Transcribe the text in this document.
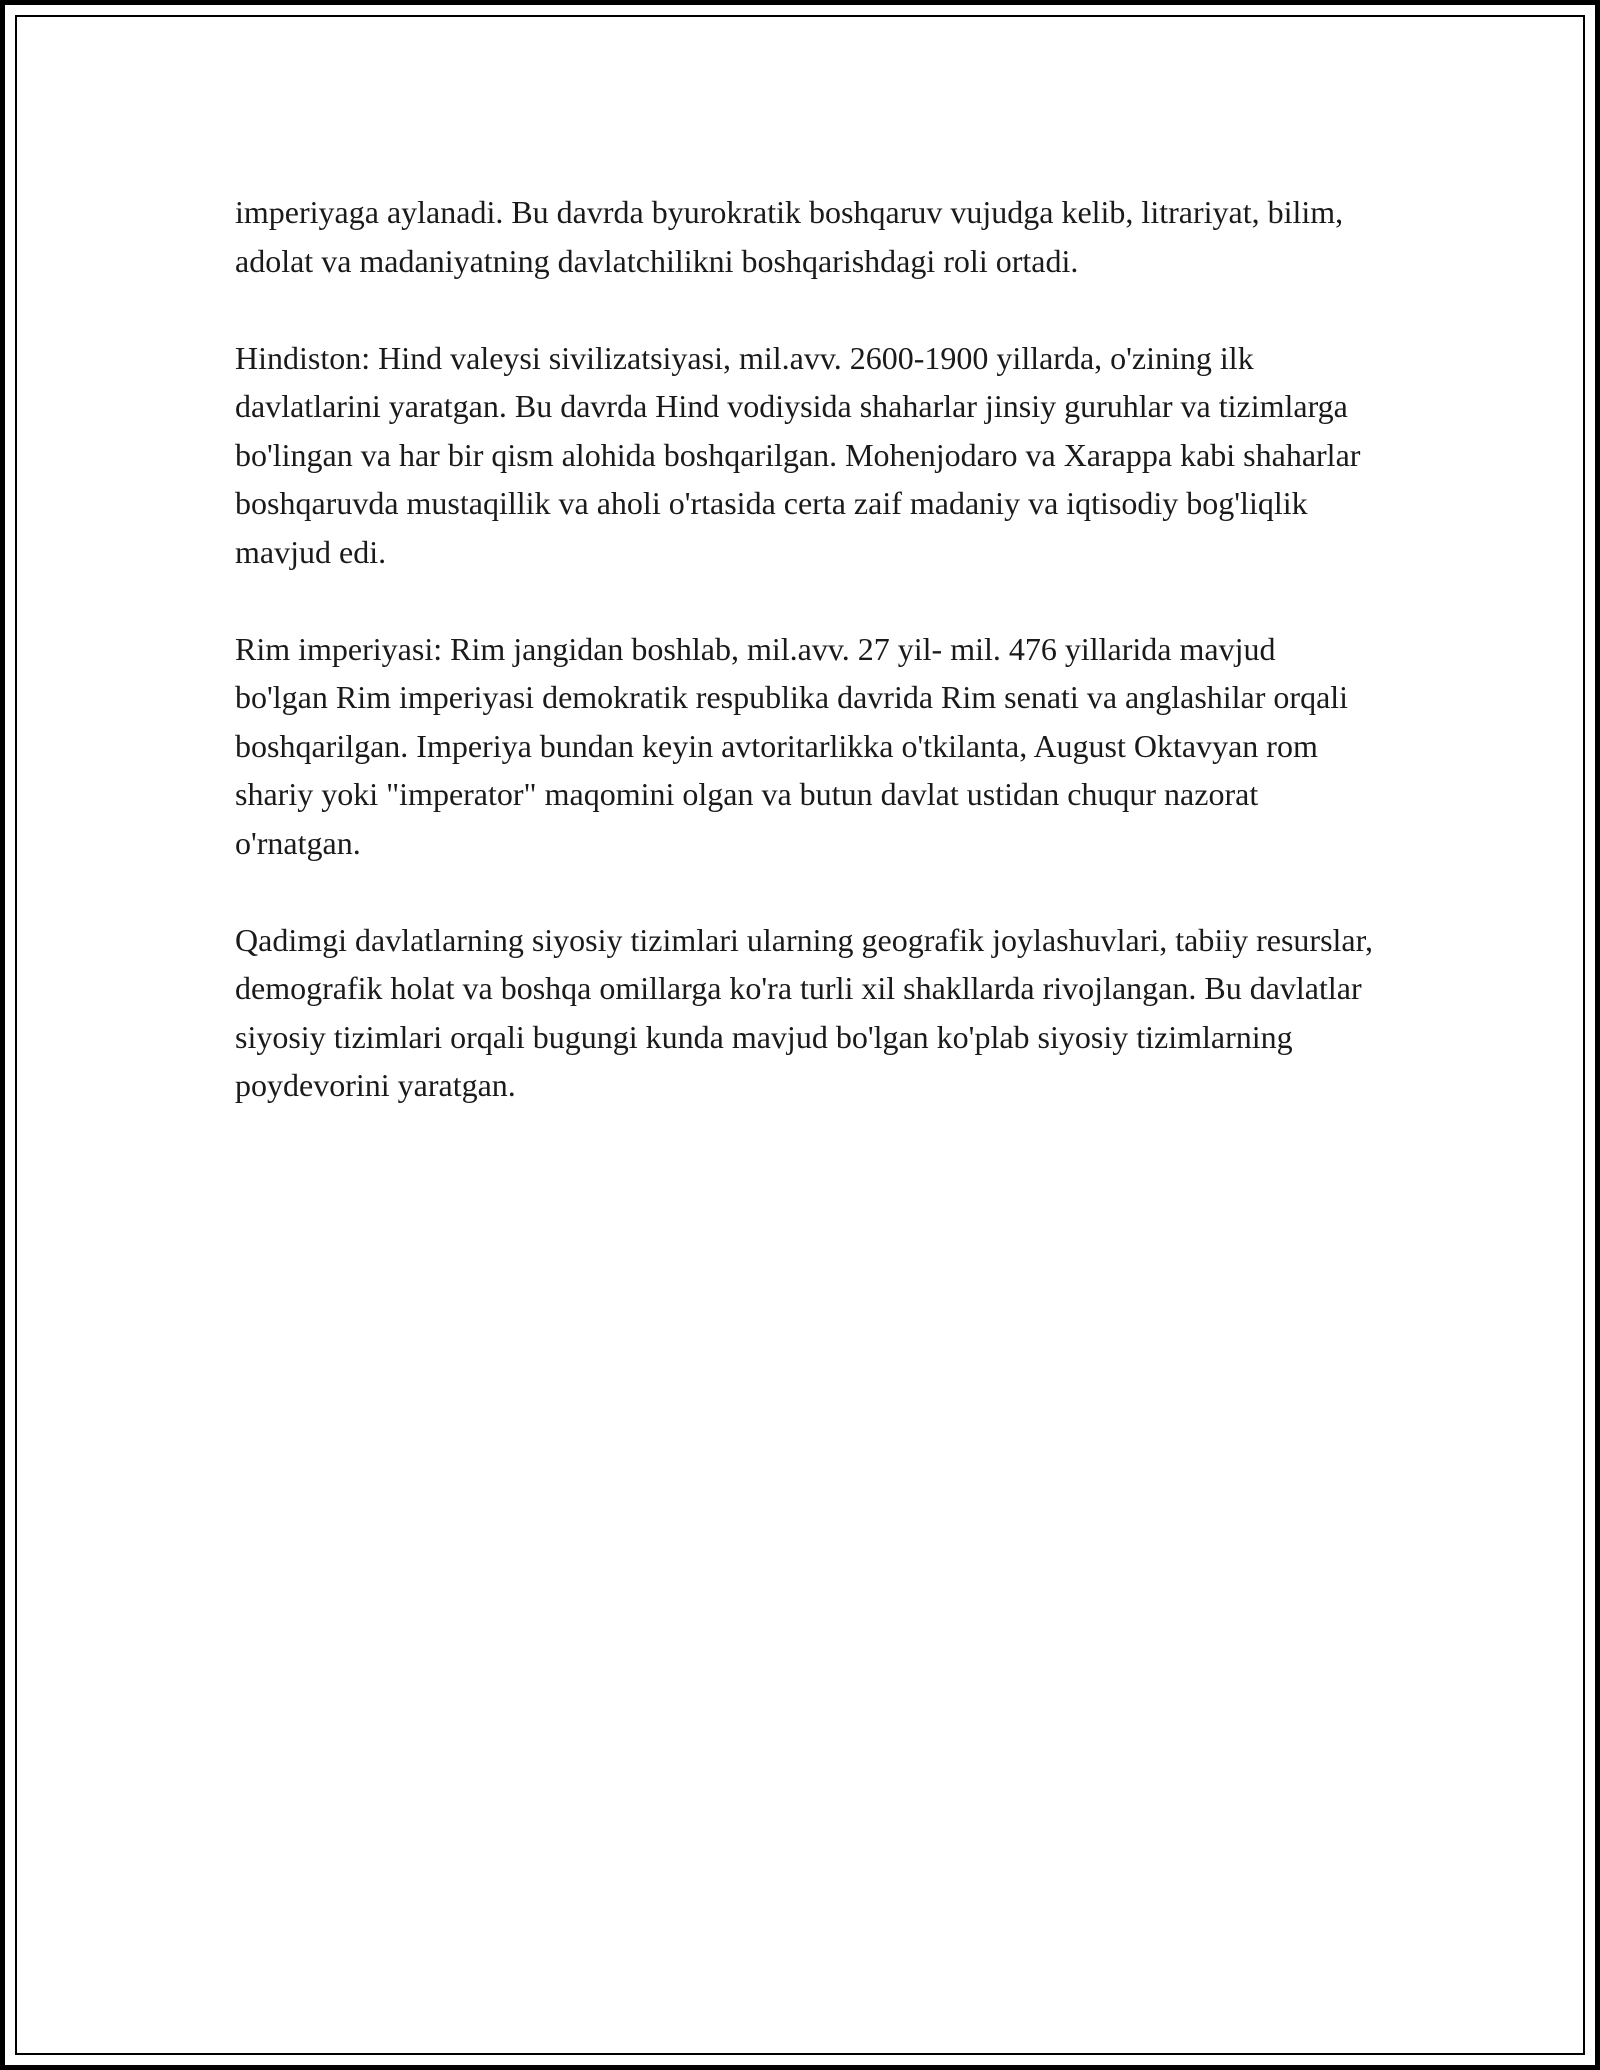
imperiyaga aylanadi. Bu davrda byurokratik boshqaruv vujudga kelib, litrariyat, bilim, adolat va madaniyatning davlatchilikni boshqarishdagi roli ortadi.

Hindiston: Hind valeysi sivilizatsiyasi, mil.avv. 2600-1900 yillarda, o'zining ilk davlatlarini yaratgan. Bu davrda Hind vodiysida shaharlar jinsiy guruhlar va tizimlarga bo'lingan va har bir qism alohida boshqarilgan. Mohenjodaro va Xarappa kabi shaharlar boshqaruvda mustaqillik va aholi o'rtasida certa zaif madaniy va iqtisodiy bog'liqlik mavjud edi.

Rim imperiyasi: Rim jangidan boshlab, mil.avv. 27 yil- mil. 476 yillarida mavjud bo'lgan Rim imperiyasi demokratik respublika davrida Rim senati va anglashilar orqali boshqarilgan. Imperiya bundan keyin avtoritarlikka o'tkilanta, August Oktavyan rom shariy yoki "imperator" maqomini olgan va butun davlat ustidan chuqur nazorat o'rnatgan.

Qadimgi davlatlarning siyosiy tizimlari ularning geografik joylashuvlari, tabiiy resurslar, demografik holat va boshqa omillarga ko'ra turli xil shakllarda rivojlangan. Bu davlatlar siyosiy tizimlari orqali bugungi kunda mavjud bo'lgan ko'plab siyosiy tizimlarning poydevorini yaratgan.
